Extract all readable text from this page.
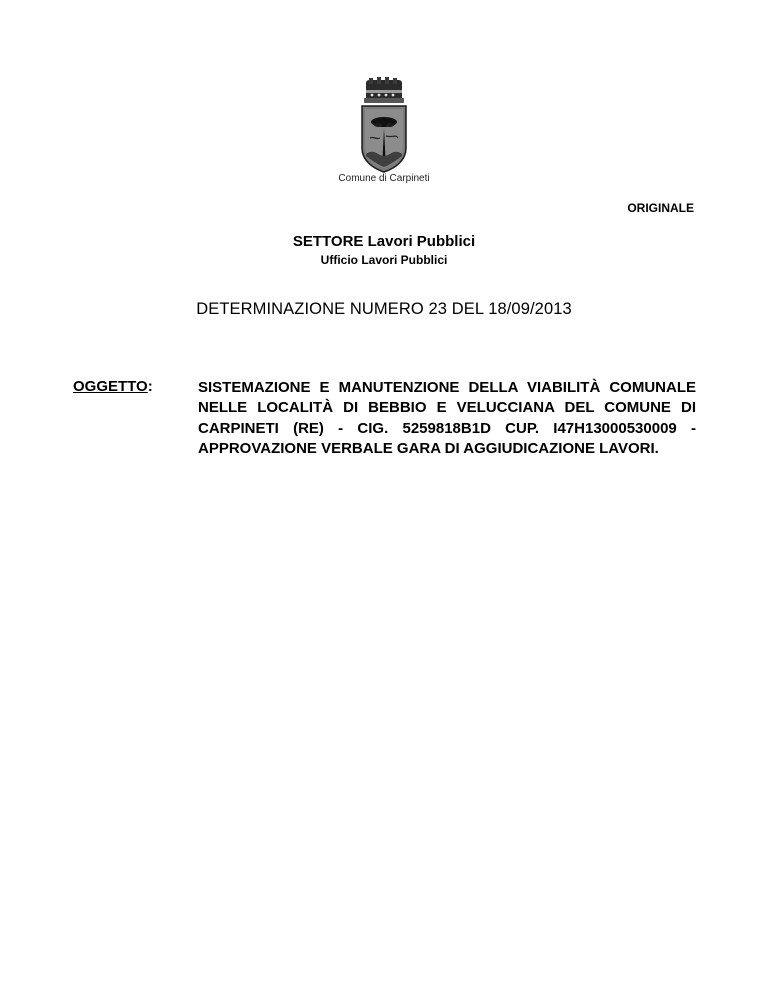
Comune di Carpineti
ORIGINALE
SETTORE Lavori Pubblici
Ufficio Lavori Pubblici
DETERMINAZIONE NUMERO 23 DEL 18/09/2013
OGGETTO:	SISTEMAZIONE E MANUTENZIONE DELLA VIABILITÀ COMUNALE NELLE LOCALITÀ DI BEBBIO E VELUCCIANA DEL COMUNE DI CARPINETI (RE) - CIG. 5259818B1D CUP. I47H13000530009 - APPROVAZIONE VERBALE GARA DI AGGIUDICAZIONE LAVORI.
